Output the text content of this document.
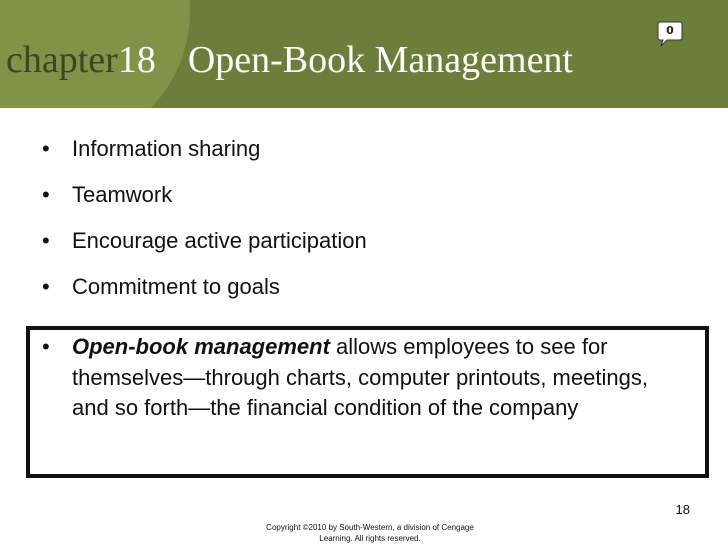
chapter18 Open-Book Management
0
• Information sharing
• Teamwork
• Encourage active participation
• Commitment to goals
• Open-book management allows employees to see for themselves—through charts, computer printouts, meetings, and so forth—the financial condition of the company
18
Copyright ©2010 by South-Western, a division of Cengage
Learning. All rights reserved.
